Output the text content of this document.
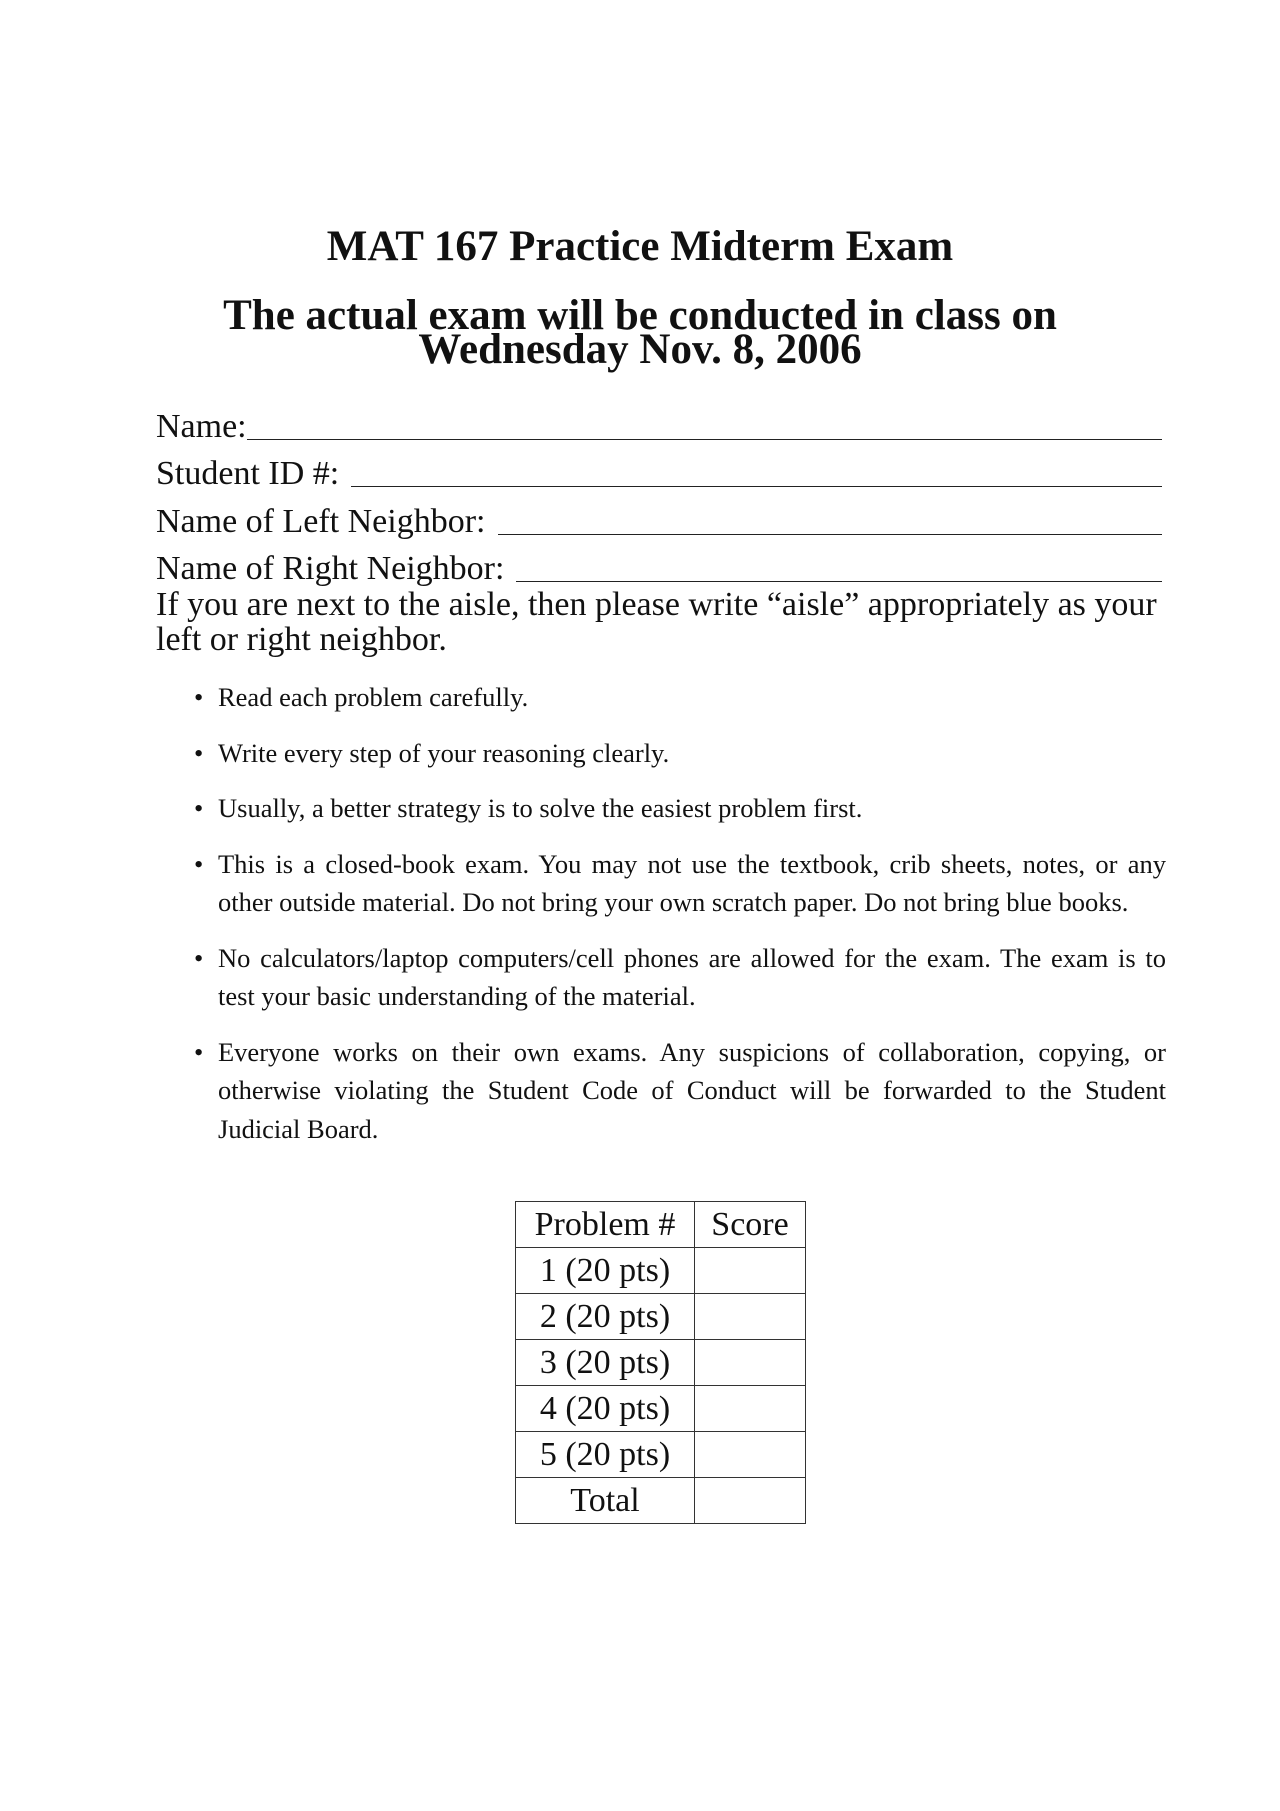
MAT 167 Practice Midterm Exam
The actual exam will be conducted in class on
Wednesday Nov. 8, 2006
Name:
Student ID #:
Name of Left Neighbor:
Name of Right Neighbor:
If you are next to the aisle, then please write “aisle” appropriately as your left or right neighbor.
• Read each problem carefully.
• Write every step of your reasoning clearly.
• Usually, a better strategy is to solve the easiest problem first.
• This is a closed-book exam. You may not use the textbook, crib sheets, notes, or any other outside material. Do not bring your own scratch paper. Do not bring blue books.
• No calculators/laptop computers/cell phones are allowed for the exam. The exam is to test your basic understanding of the material.
• Everyone works on their own exams. Any suspicions of collaboration, copying, or otherwise violating the Student Code of Conduct will be forwarded to the Student Judicial Board.
Problem #	Score
1 (20 pts)	
2 (20 pts)	
3 (20 pts)	
4 (20 pts)	
5 (20 pts)	
Total	
